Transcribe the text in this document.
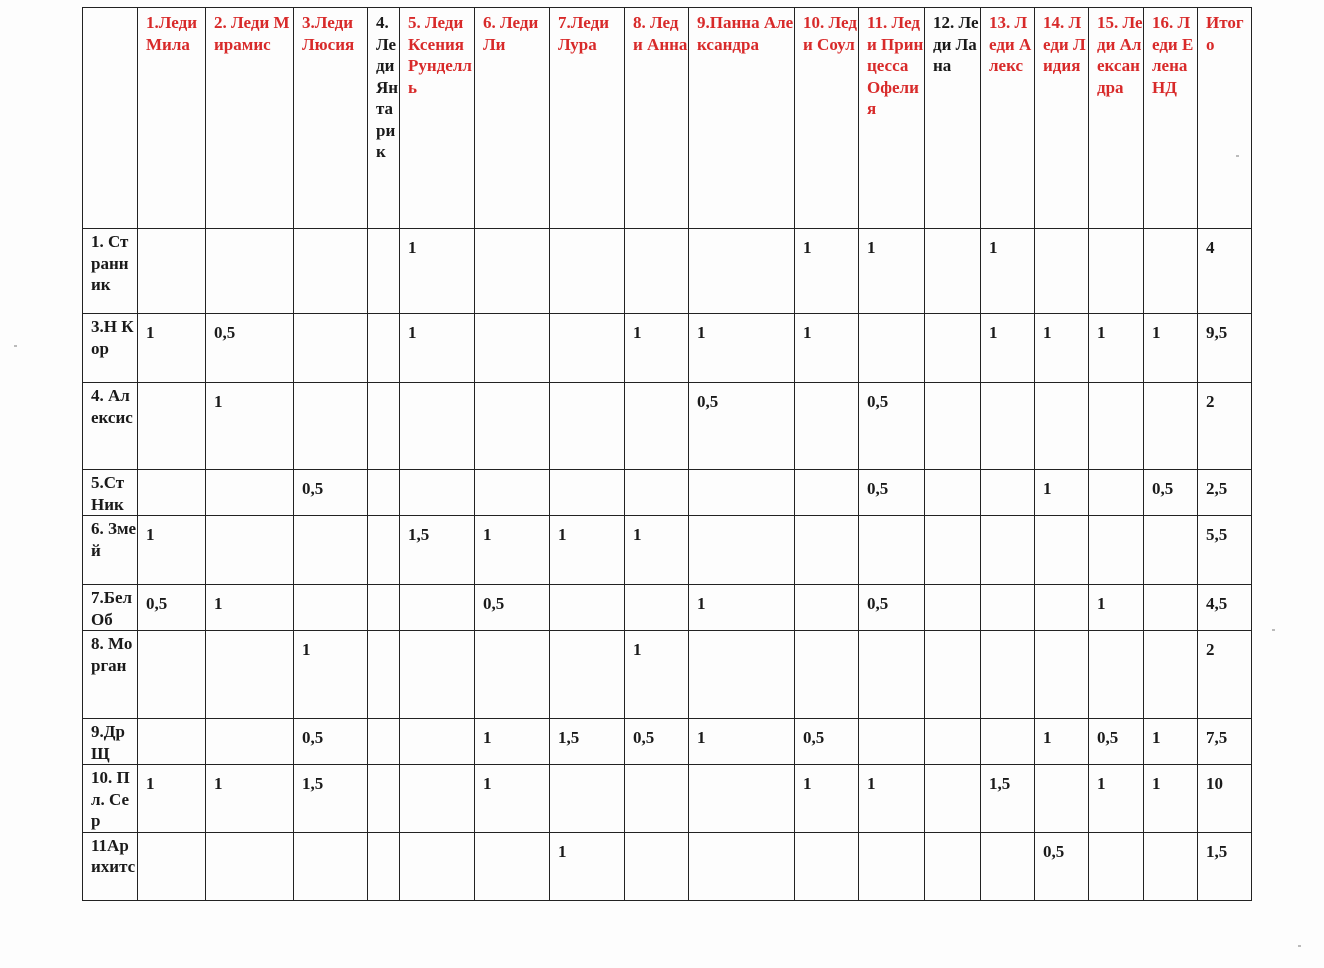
	1.Леди Мила	2. Леди Мирамис	3.Леди Люсия	4. Леди Янтарик	5. Леди Ксения Рунделль	6. Леди Ли	7.Леди Лура	8. Леди Анна	9.Панна Александра	10. Леди Соул	11. Леди Принцесса Офелия	12. Леди Лана	13. Леди Алекс	14. Леди Лидия	15. Леди Александра	16. Леди Елена НД	Итого
1. Странник					1					1	1		1				4
3.Н Кор	1	0,5			1			1	1	1			1	1	1	1	9,5
4. Алексис		1							0,5		0,5						2
5.Ст Ник			0,5								0,5			1		0,5	2,5
6. Змей	1				1,5	1	1	1									5,5
7.БелОб	0,5	1				0,5			1		0,5				1		4,5
8. Морган			1					1									2
9.ДрЩ			0,5			1	1,5	0,5	1	0,5				1	0,5	1	7,5
10. Пл. Сер	1	1	1,5			1				1	1		1,5		1	1	10
11Арихитс							1							0,5			1,5
